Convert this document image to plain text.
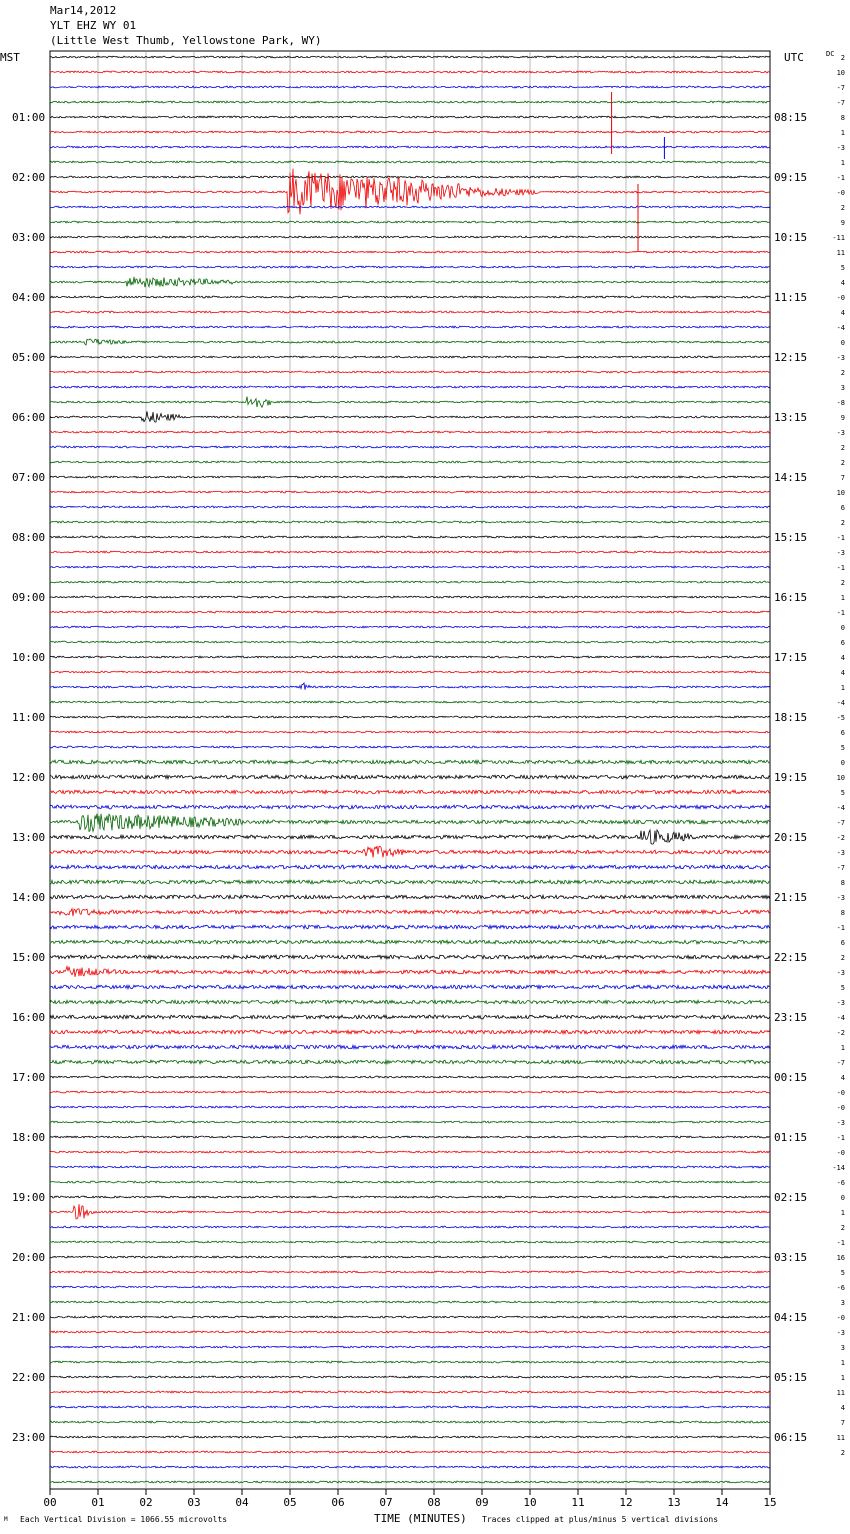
Mar14,2012
YLT EHZ WY 01
(Little West Thumb, Yellowstone Park, WY)
01:00
02:00
03:00
04:00
05:00
06:00
07:00
08:00
09:00
10:00
11:00
12:00
13:00
14:00
15:00
16:00
17:00
18:00
19:00
20:00
21:00
22:00
23:00
08:15
09:15
10:15
11:15
12:15
13:15
14:15
15:15
16:15
17:15
18:15
19:15
20:15
21:15
22:15
23:15
00:15
01:15
02:15
03:15
04:15
05:15
06:15
2
10
-7
-7
8
1
-3
1
-1
-0
2
9
-11
11
5
4
-0
4
-4
0
-3
2
3
-8
9
-3
2
2
7
10
6
2
-1
-3
-1
2
1
-1
0
6
4
4
1
-4
-5
6
5
0
10
5
-4
-7
-2
-3
-7
8
-3
8
-1
6
2
-3
5
-3
-4
-2
1
-7
4
-0
-0
-3
-1
-0
-14
-6
0
1
2
-1
16
5
-6
3
-0
-3
3
1
1
11
4
7
11
2
00	01	02	03	04	05	06	07	08	09	10	11	12	13	14	15
MST	UTC	DC
TIME (MINUTES)
M Each Vertical Division = 1066.55 microvolts	Traces clipped at plus/minus 5 vertical divisions
